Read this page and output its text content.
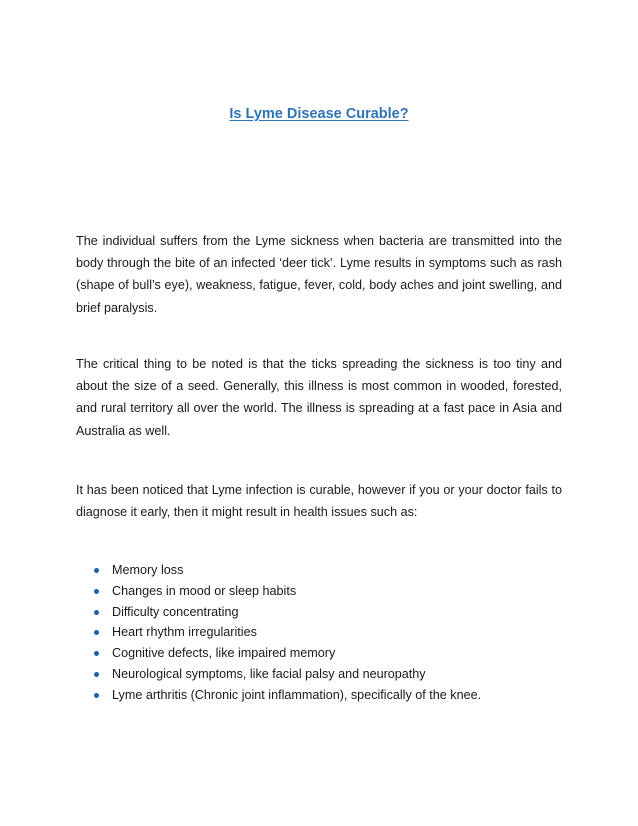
Is Lyme Disease Curable?

The individual suffers from the Lyme sickness when bacteria are transmitted into the body through the bite of an infected ‘deer tick’. Lyme results in symptoms such as rash (shape of bull’s eye), weakness, fatigue, fever, cold, body aches and joint swelling, and brief paralysis.

The critical thing to be noted is that the ticks spreading the sickness is too tiny and about the size of a seed. Generally, this illness is most common in wooded, forested, and rural territory all over the world. The illness is spreading at a fast pace in Asia and Australia as well.

It has been noticed that Lyme infection is curable, however if you or your doctor fails to diagnose it early, then it might result in health issues such as:

Memory loss
Changes in mood or sleep habits
Difficulty concentrating
Heart rhythm irregularities
Cognitive defects, like impaired memory
Neurological symptoms, like facial palsy and neuropathy
Lyme arthritis (Chronic joint inflammation), specifically of the knee.
